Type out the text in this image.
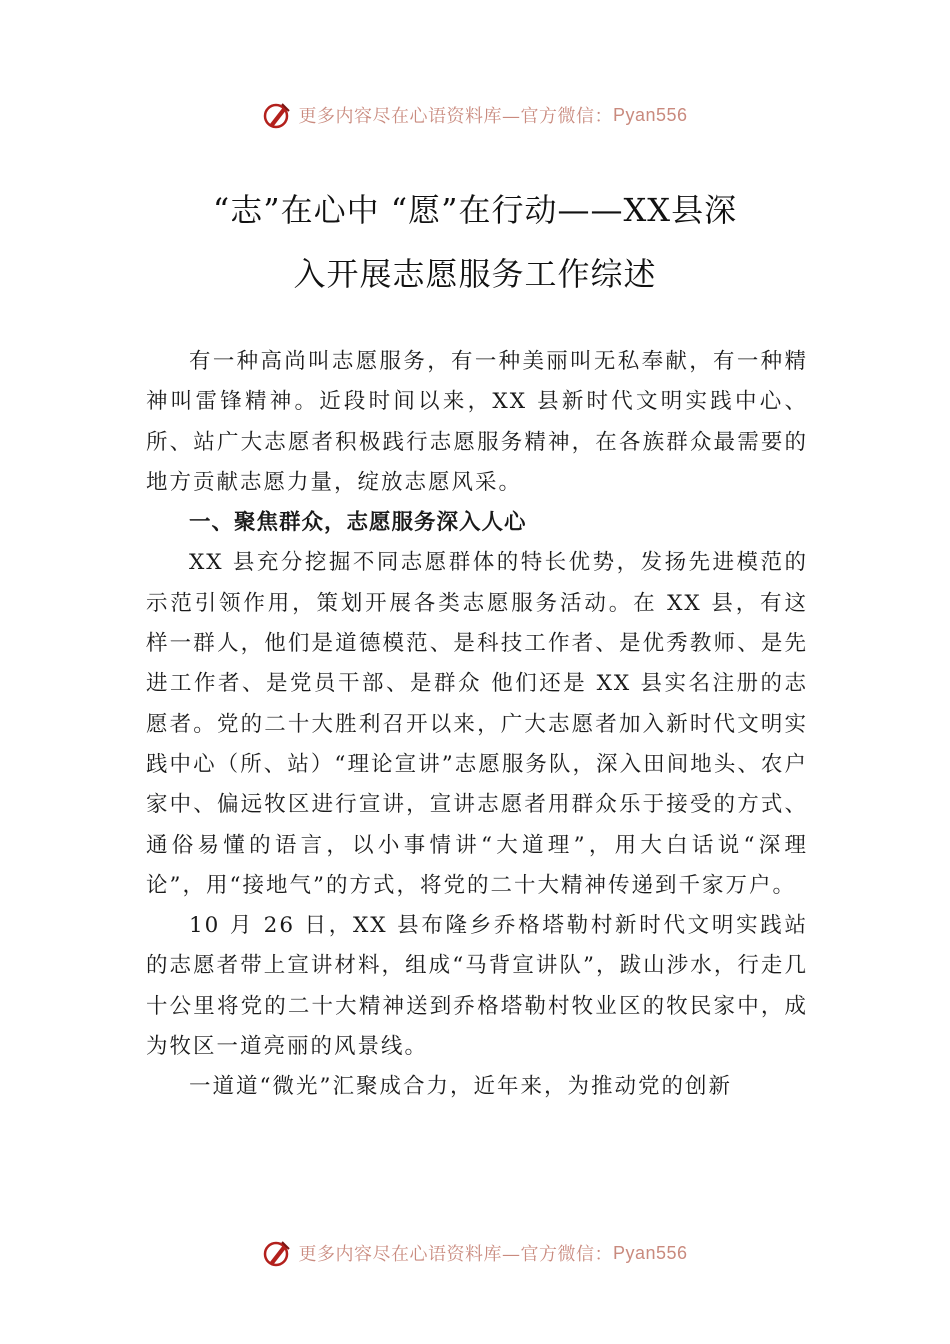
更多内容尽在心语资料库—官方微信： Pyan556
“志”在心中 “愿”在行动——XX县深
入开展志愿服务工作综述

有一种高尚叫志愿服务，有一种美丽叫无私奉献，有一种精神叫雷锋精神。近段时间以来，XX 县新时代文明实践中心、所、站广大志愿者积极践行志愿服务精神，在各族群众最需要的地方贡献志愿力量，绽放志愿风采。

一、聚焦群众，志愿服务深入人心

XX 县充分挖掘不同志愿群体的特长优势，发扬先进模范的示范引领作用，策划开展各类志愿服务活动。在 XX 县，有这样一群人，他们是道德模范、是科技工作者、是优秀教师、是先进工作者、是党员干部、是群众 他们还是 XX 县实名注册的志愿者。党的二十大胜利召开以来，广大志愿者加入新时代文明实践中心（所、站）“理论宣讲”志愿服务队，深入田间地头、农户家中、偏远牧区进行宣讲，宣讲志愿者用群众乐于接受的方式、通俗易懂的语言，以小事情讲“大道理”，用大白话说“深理论”，用“接地气”的方式，将党的二十大精神传递到千家万户。

10 月 26 日，XX 县布隆乡乔格塔勒村新时代文明实践站的志愿者带上宣讲材料，组成“马背宣讲队”，跋山涉水，行走几十公里将党的二十大精神送到乔格塔勒村牧业区的牧民家中，成为牧区一道亮丽的风景线。

一道道“微光”汇聚成合力，近年来，为推动党的创新

更多内容尽在心语资料库—官方微信： Pyan556
